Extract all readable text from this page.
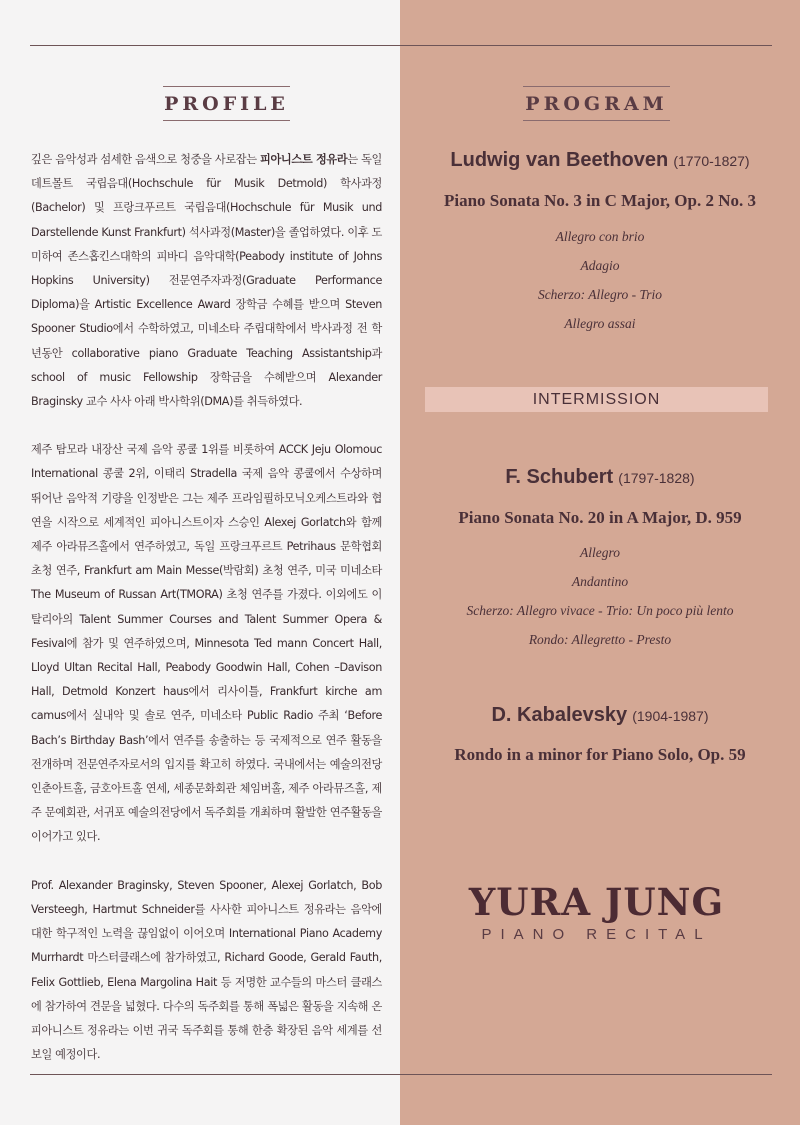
PROFILE

깊은 음악성과 섬세한 음색으로 청중을 사로잡는 피아니스트 정유라는 독일 데트몰트 국립음대(Hochschule für Musik Detmold) 학사과정(Bachelor) 및 프랑크푸르트 국립음대(Hochschule für Musik und Darstellende Kunst Frankfurt) 석사과정(Master)을 졸업하였다. 이후 도미하여 존스홉킨스대학의 피바디 음악대학(Peabody institute of Johns Hopkins University) 전문연주자과정(Graduate Performance Diploma)을 Artistic Excellence Award 장학금 수혜를 받으며 Steven Spooner Studio에서 수학하였고, 미네소타 주립대학에서 박사과정 전 학년동안 collaborative piano Graduate Teaching Assistantship과 school of music Fellowship 장학금을 수혜받으며 Alexander Braginsky 교수 사사 아래 박사학위(DMA)를 취득하였다.

제주 탐모라 내장산 국제 음악 콩쿨 1위를 비롯하여 ACCK Jeju Olomouc International 콩쿨 2위, 이태리 Stradella 국제 음악 콩쿨에서 수상하며 뛰어난 음악적 기량을 인정받은 그는 제주 프라임필하모닉오케스트라와 협연을 시작으로 세계적인 피아니스트이자 스승인 Alexej Gorlatch와 함께 제주 아라뮤즈홀에서 연주하였고, 독일 프랑크푸르트 Petrihaus 문학협회 초청 연주, Frankfurt am Main Messe(박람회) 초청 연주, 미국 미네소타 The Museum of Russan Art(TMORA) 초청 연주를 가졌다. 이외에도 이탈리아의 Talent Summer Courses and Talent Summer Opera & Fesival에 참가 및 연주하였으며, Minnesota Ted mann Concert Hall, Lloyd Ultan Recital Hall, Peabody Goodwin Hall, Cohen –Davison Hall, Detmold Konzert haus에서 리사이틀, Frankfurt kirche am camus에서 실내악 및 솔로 연주, 미네소타 Public Radio 주최 ‘Before Bach’s Birthday Bash’에서 연주를 송출하는 등 국제적으로 연주 활동을 전개하며 전문연주자로서의 입지를 확고히 하였다. 국내에서는 예술의전당 인춘아트홀, 금호아트홀 연세, 세종문화회관 체임버홀, 제주 아라뮤즈홀, 제주 문예회관, 서귀포 예술의전당에서 독주회를 개최하며 활발한 연주활동을 이어가고 있다.

Prof. Alexander Braginsky, Steven Spooner, Alexej Gorlatch, Bob Versteegh, Hartmut Schneider를 사사한 피아니스트 정유라는 음악에 대한 학구적인 노력을 끊임없이 이어오며 International Piano Academy Murrhardt 마스터클래스에 참가하였고, Richard Goode, Gerald Fauth, Felix Gottlieb, Elena Margolina Hait 등 저명한 교수들의 마스터 클래스에 참가하여 견문을 넓혔다. 다수의 독주회를 통해 폭넓은 활동을 지속해 온 피아니스트 정유라는 이번 귀국 독주회를 통해 한층 확장된 음악 세계를 선보일 예정이다.

PROGRAM
Ludwig van Beethoven (1770-1827)
Piano Sonata No. 3 in C Major, Op. 2 No. 3
Allegro con brio
Adagio
Scherzo: Allegro - Trio
Allegro assai
INTERMISSION
F. Schubert (1797-1828)
Piano Sonata No. 20 in A Major, D. 959
Allegro
Andantino
Scherzo: Allegro vivace - Trio: Un poco più lento
Rondo: Allegretto - Presto
D. Kabalevsky (1904-1987)
Rondo in a minor for Piano Solo, Op. 59
YURA JUNG
PIANO RECITAL
